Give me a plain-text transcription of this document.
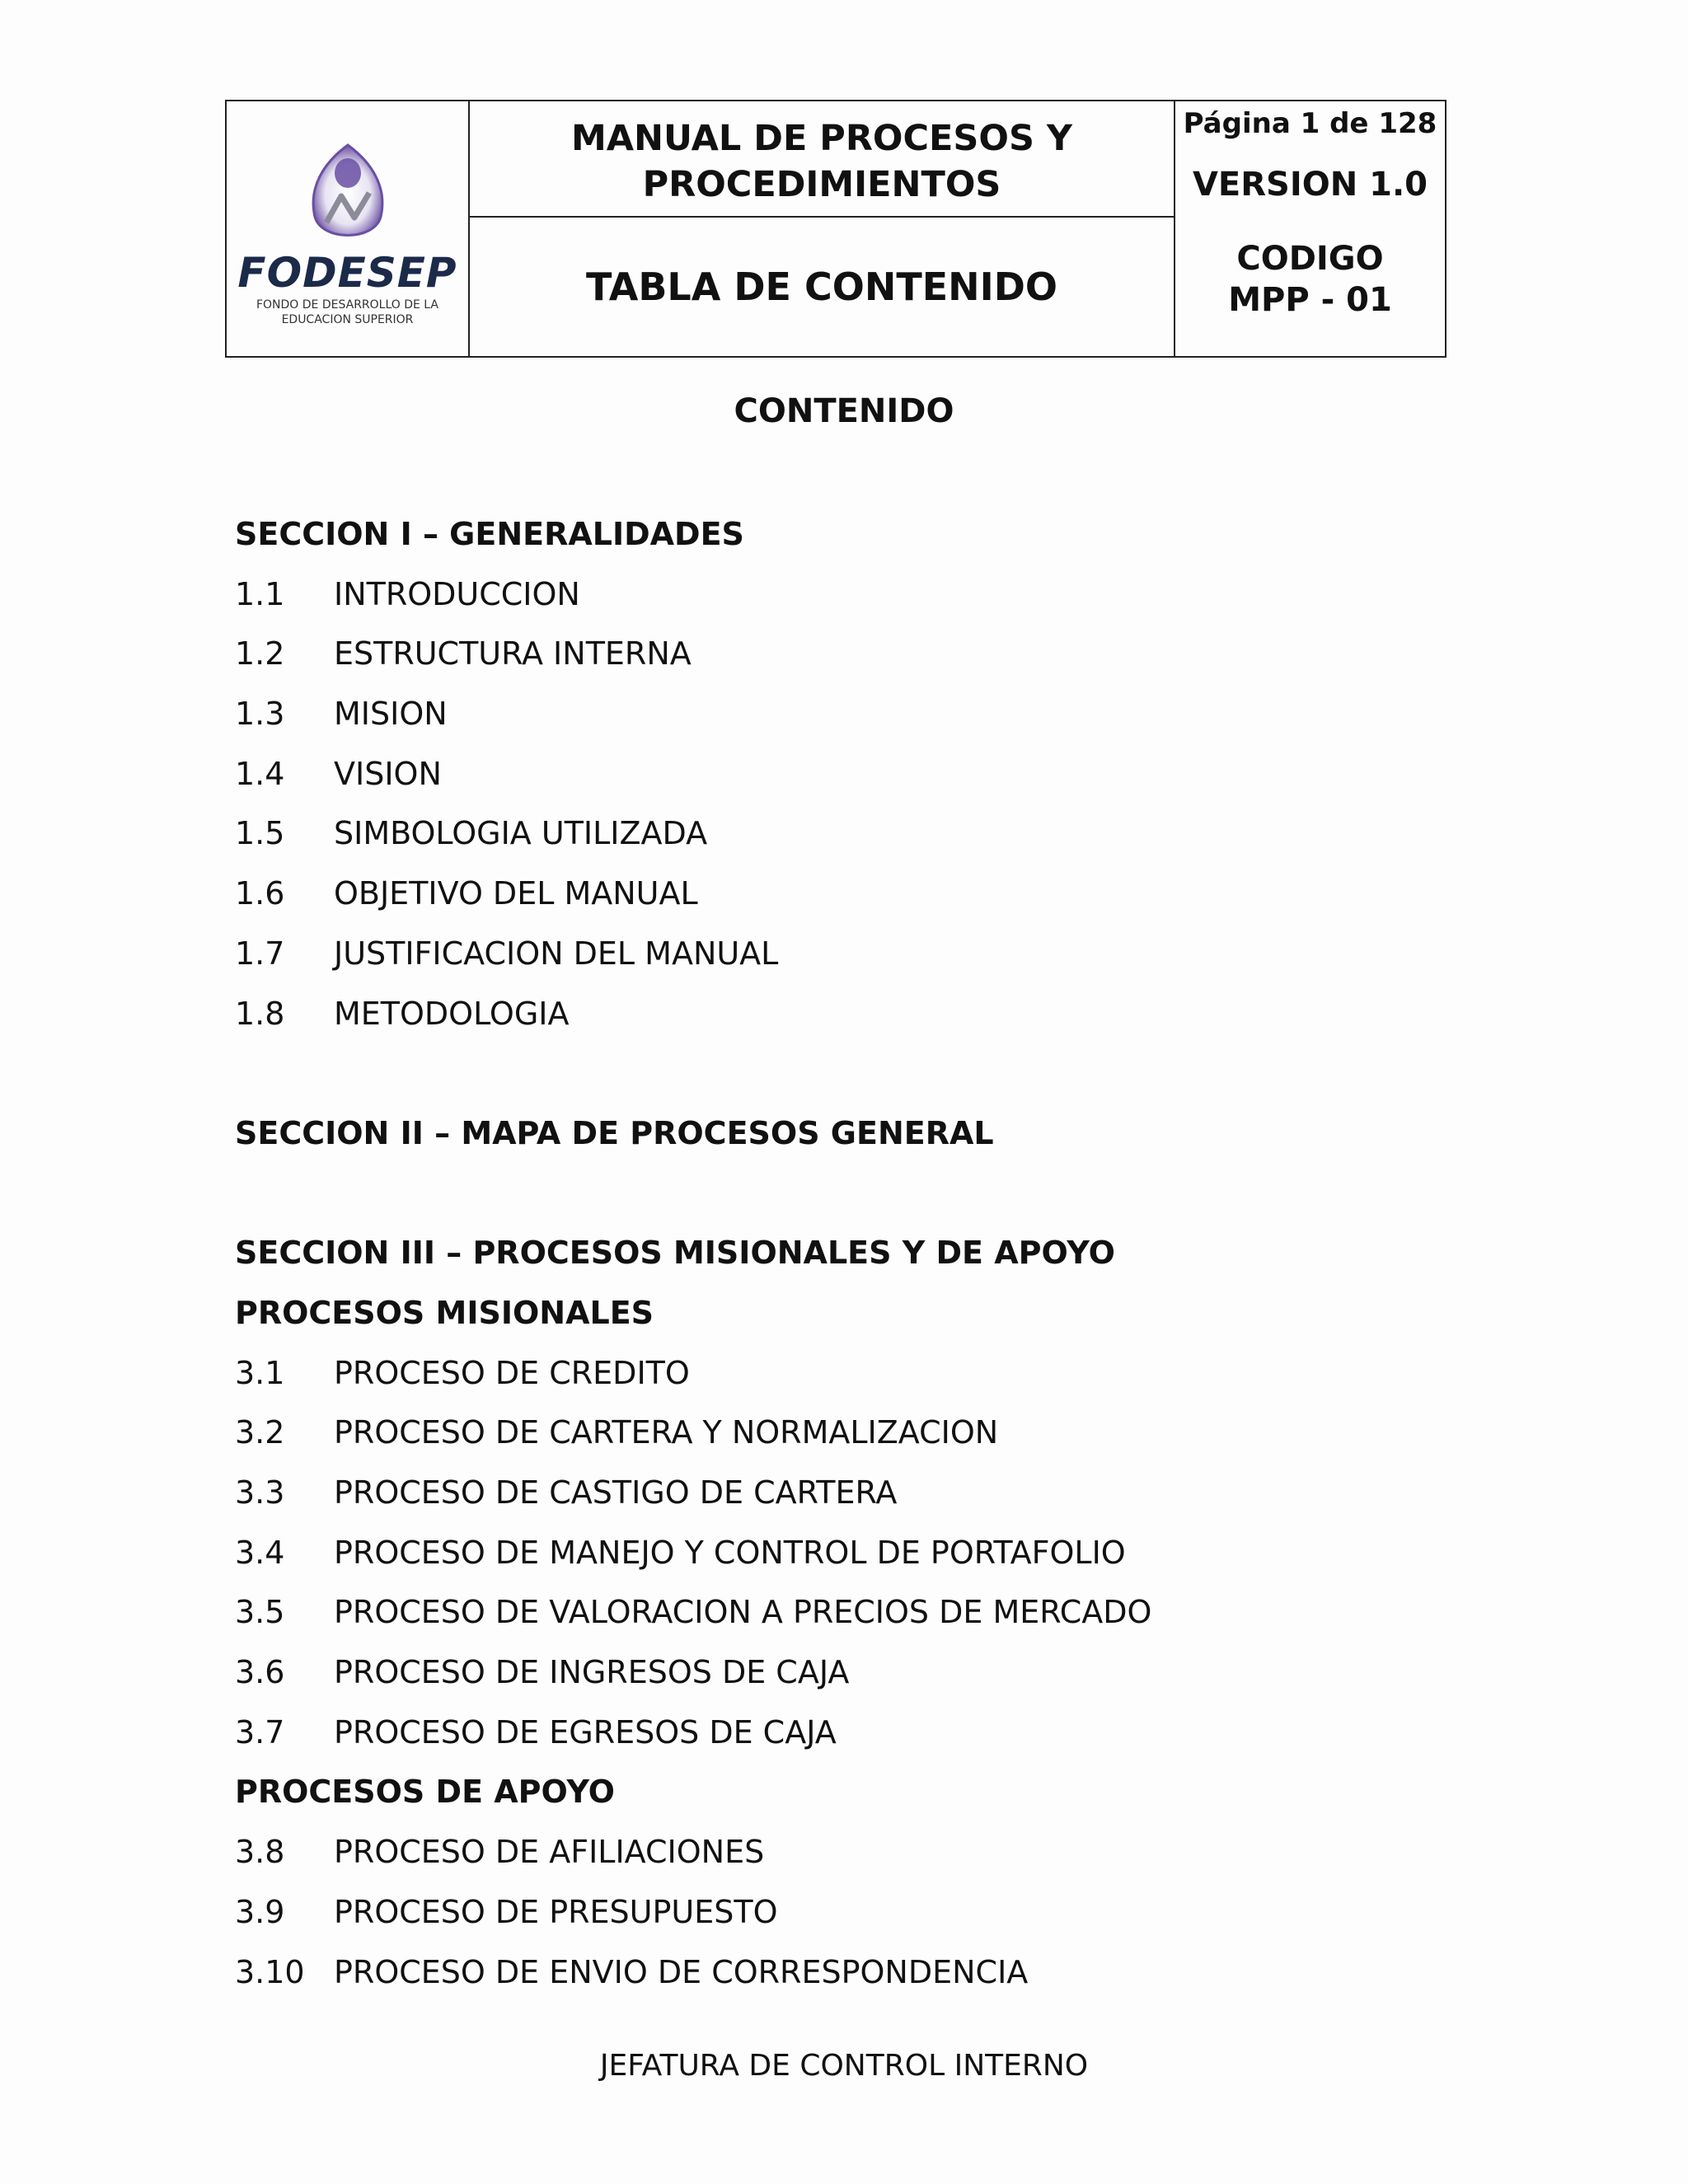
FODESEP
FONDO DE DESARROLLO DE LA
EDUCACION SUPERIOR
MANUAL DE PROCESOS Y
PROCEDIMIENTOS
TABLA DE CONTENIDO
Página 1 de 128
VERSION 1.0
CODIGO
MPP - 01
CONTENIDO
SECCION I – GENERALIDADES
1.1 INTRODUCCION
1.2 ESTRUCTURA INTERNA
1.3 MISION
1.4 VISION
1.5 SIMBOLOGIA UTILIZADA
1.6 OBJETIVO DEL MANUAL
1.7 JUSTIFICACION DEL MANUAL
1.8 METODOLOGIA
SECCION II – MAPA DE PROCESOS GENERAL
SECCION III – PROCESOS MISIONALES Y DE APOYO
PROCESOS MISIONALES
3.1 PROCESO DE CREDITO
3.2 PROCESO DE CARTERA Y NORMALIZACION
3.3 PROCESO DE CASTIGO DE CARTERA
3.4 PROCESO DE MANEJO Y CONTROL DE PORTAFOLIO
3.5 PROCESO DE VALORACION A PRECIOS DE MERCADO
3.6 PROCESO DE INGRESOS DE CAJA
3.7 PROCESO DE EGRESOS DE CAJA
PROCESOS DE APOYO
3.8 PROCESO DE AFILIACIONES
3.9 PROCESO DE PRESUPUESTO
3.10 PROCESO DE ENVIO DE CORRESPONDENCIA
JEFATURA DE CONTROL INTERNO
